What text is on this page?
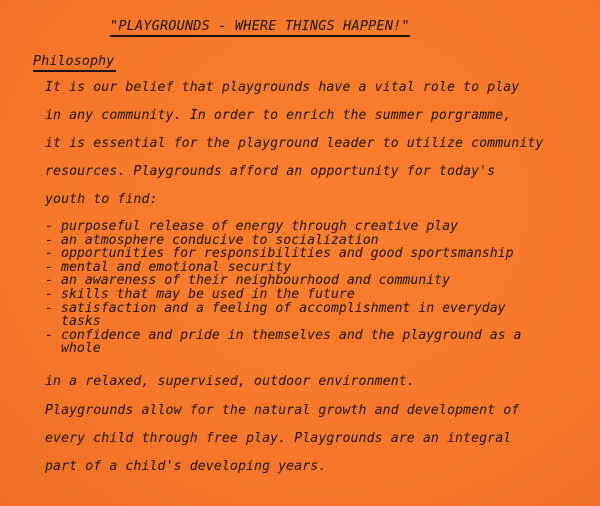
"PLAYGROUNDS - WHERE THINGS HAPPEN!"
Philosophy
It is our belief that playgrounds have a vital role to play
in any community. In order to enrich the summer porgramme,
it is essential for the playground leader to utilize community
resources. Playgrounds afford an opportunity for today's
youth to find:
- purposeful release of energy through creative play
- an atmosphere conducive to socialization
- opportunities for responsibilities and good sportsmanship
- mental and emotional security
- an awareness of their neighbourhood and community
- skills that may be used in the future
- satisfaction and a feeling of accomplishment in everyday
tasks
- confidence and pride in themselves and the playground as a
whole
in a relaxed, supervised, outdoor environment.
Playgrounds allow for the natural growth and development of
every child through free play. Playgrounds are an integral
part of a child's developing years.
